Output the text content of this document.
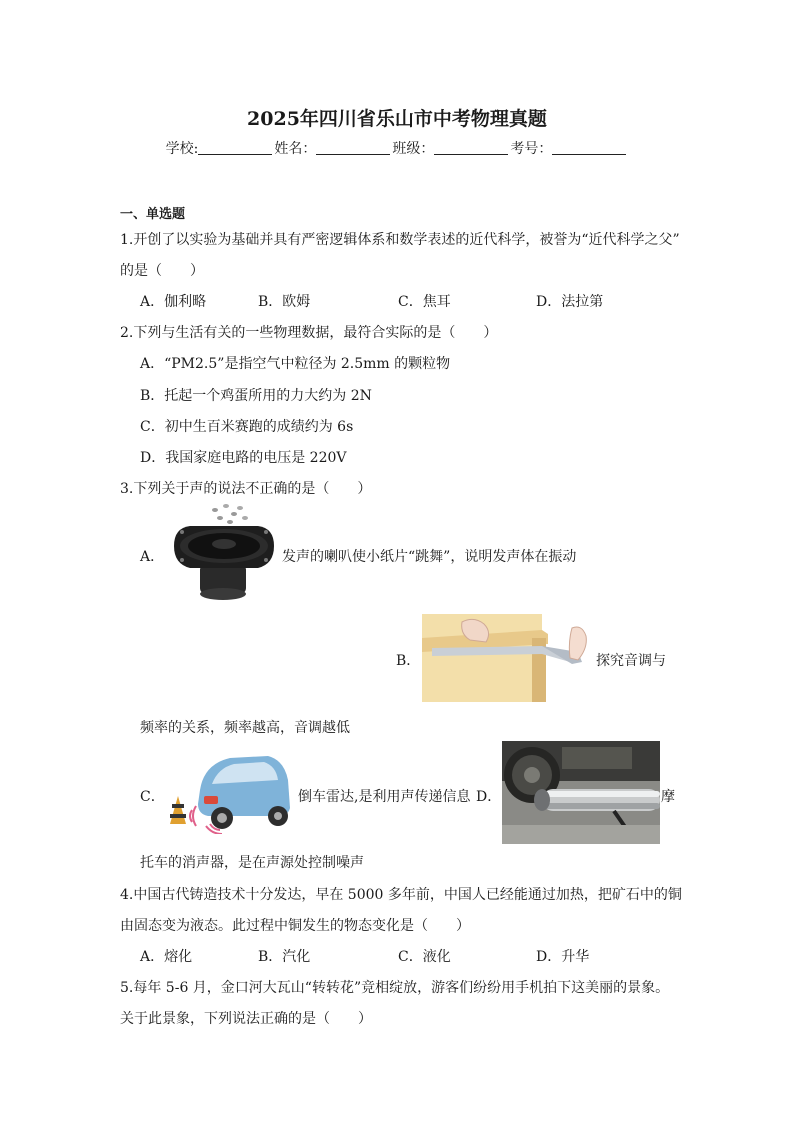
2025年四川省乐山市中考物理真题
学校:	姓名：	班级：	考号：
一、单选题
1.开创了以实验为基础并具有严密逻辑体系和数学表述的近代科学，被誉为“近代科学之父”
的是（　　）
A．伽利略	B．欧姆	C．焦耳	D．法拉第
2.下列与生活有关的一些物理数据，最符合实际的是（　　）
A．“PM2.5”是指空气中粒径为 2.5mm 的颗粒物
B．托起一个鸡蛋所用的力大约为 2N
C．初中生百米赛跑的成绩约为 6s
D．我国家庭电路的电压是 220V
3.下列关于声的说法不正确的是（　　）
A．	发声的喇叭使小纸片“跳舞”，说明发声体在振动
B．	探究音调与
频率的关系，频率越高，音调越低
C．	倒车雷达,是利用声传递信息 D．	摩
托车的消声器，是在声源处控制噪声
4.中国古代铸造技术十分发达，早在 5000 多年前，中国人已经能通过加热，把矿石中的铜
由固态变为液态。此过程中铜发生的物态变化是（　　）
A．熔化	B．汽化	C．液化	D．升华
5.每年 5-6 月，金口河大瓦山“转转花”竞相绽放，游客们纷纷用手机拍下这美丽的景象。
关于此景象，下列说法正确的是（　　）
